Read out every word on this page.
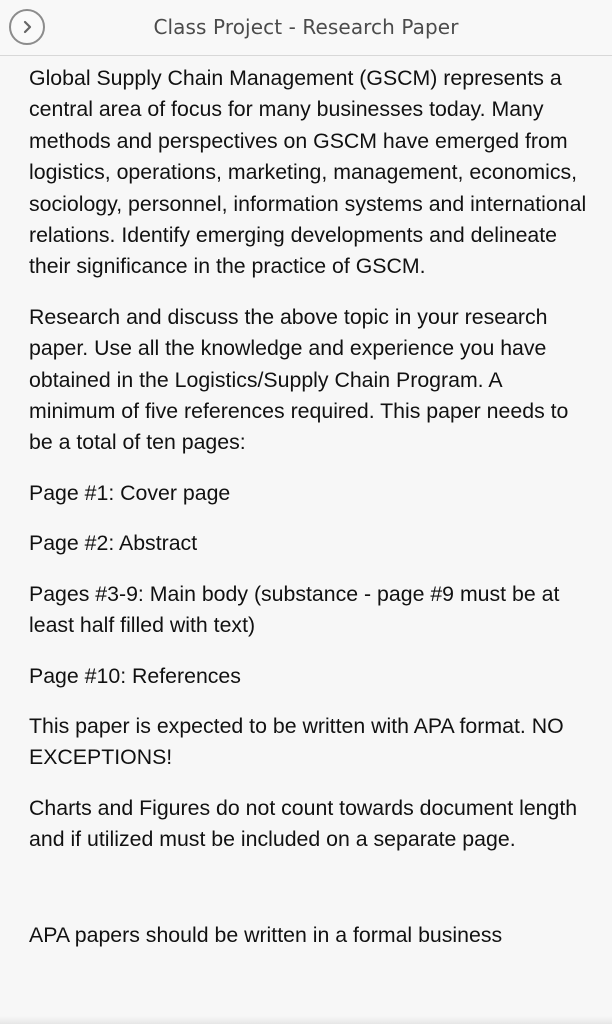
Class Project - Research Paper

Global Supply Chain Management (GSCM) represents a central area of focus for many businesses today. Many methods and perspectives on GSCM have emerged from logistics, operations, marketing, management, economics, sociology, personnel, information systems and international relations. Identify emerging developments and delineate their significance in the practice of GSCM.

Research and discuss the above topic in your research paper. Use all the knowledge and experience you have obtained in the Logistics/Supply Chain Program. A minimum of five references required. This paper needs to be a total of ten pages:

Page #1: Cover page

Page #2: Abstract

Pages #3-9: Main body (substance - page #9 must be at least half filled with text)

Page #10: References

This paper is expected to be written with APA format. NO EXCEPTIONS!

Charts and Figures do not count towards document length and if utilized must be included on a separate page.

APA papers should be written in a formal business
